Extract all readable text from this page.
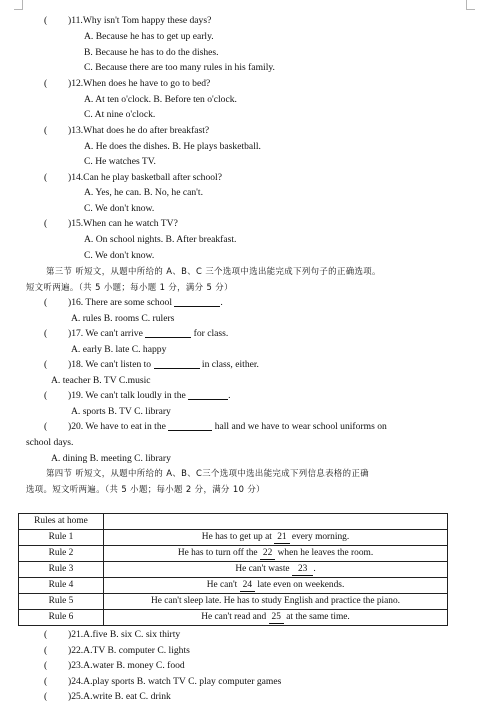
( )11.Why isn't Tom happy these days?
A. Because he has to get up early.
B. Because he has to do the dishes.
C. Because there are too many rules in his family.
( )12.When does he have to go to bed?
A. At ten o'clock. B. Before ten o'clock.
C. At nine o'clock.
( )13.What does he do after breakfast?
A. He does the dishes. B. He plays basketball.
C. He watches TV.
( )14.Can he play basketball after school?
A. Yes, he can. B. No, he can't.
C. We don't know.
( )15.When can he watch TV?
A. On school nights. B. After breakfast.
C. We don't know.
第三节 听短文，从题中所给的 A、B、C 三个选项中选出能完成下列句子的正确选项。
短文听两遍。（共 5 小题；每小题 1 分，满分 5 分）
( )16. There are some school	.
A. rules B. rooms C. rulers
( )17. We can't arrive	for class.
A. early B. late C. happy
( )18. We can't listen to	in class, either.
A. teacher B. TV C.music
( )19. We can't talk loudly in the	.
A. sports B. TV C. library
( )20. We have to eat in the	hall and we have to wear school uniforms on
school days.
A. dining B. meeting C. library
第四节 听短文，从题中所给的 A、B、C三个选项中选出能完成下列信息表格的正确
选项。短文听两遍。（共 5 小题；每小题 2 分，满分 10 分）
Rules at home	
Rule 1	He has to get up at 21 every morning.
Rule 2	He has to turn off the 22 when he leaves the room.
Rule 3	He can't waste 23 .
Rule 4	He can't 24 late even on weekends.
Rule 5	He can't sleep late. He has to study English and practice the piano.
Rule 6	He can't read and 25 at the same time.
( )21.A.five B. six C. six thirty
( )22.A.TV B. computer C. lights
( )23.A.water B. money C. food
( )24.A.play sports B. watch TV C. play computer games
( )25.A.write B. eat C. drink
